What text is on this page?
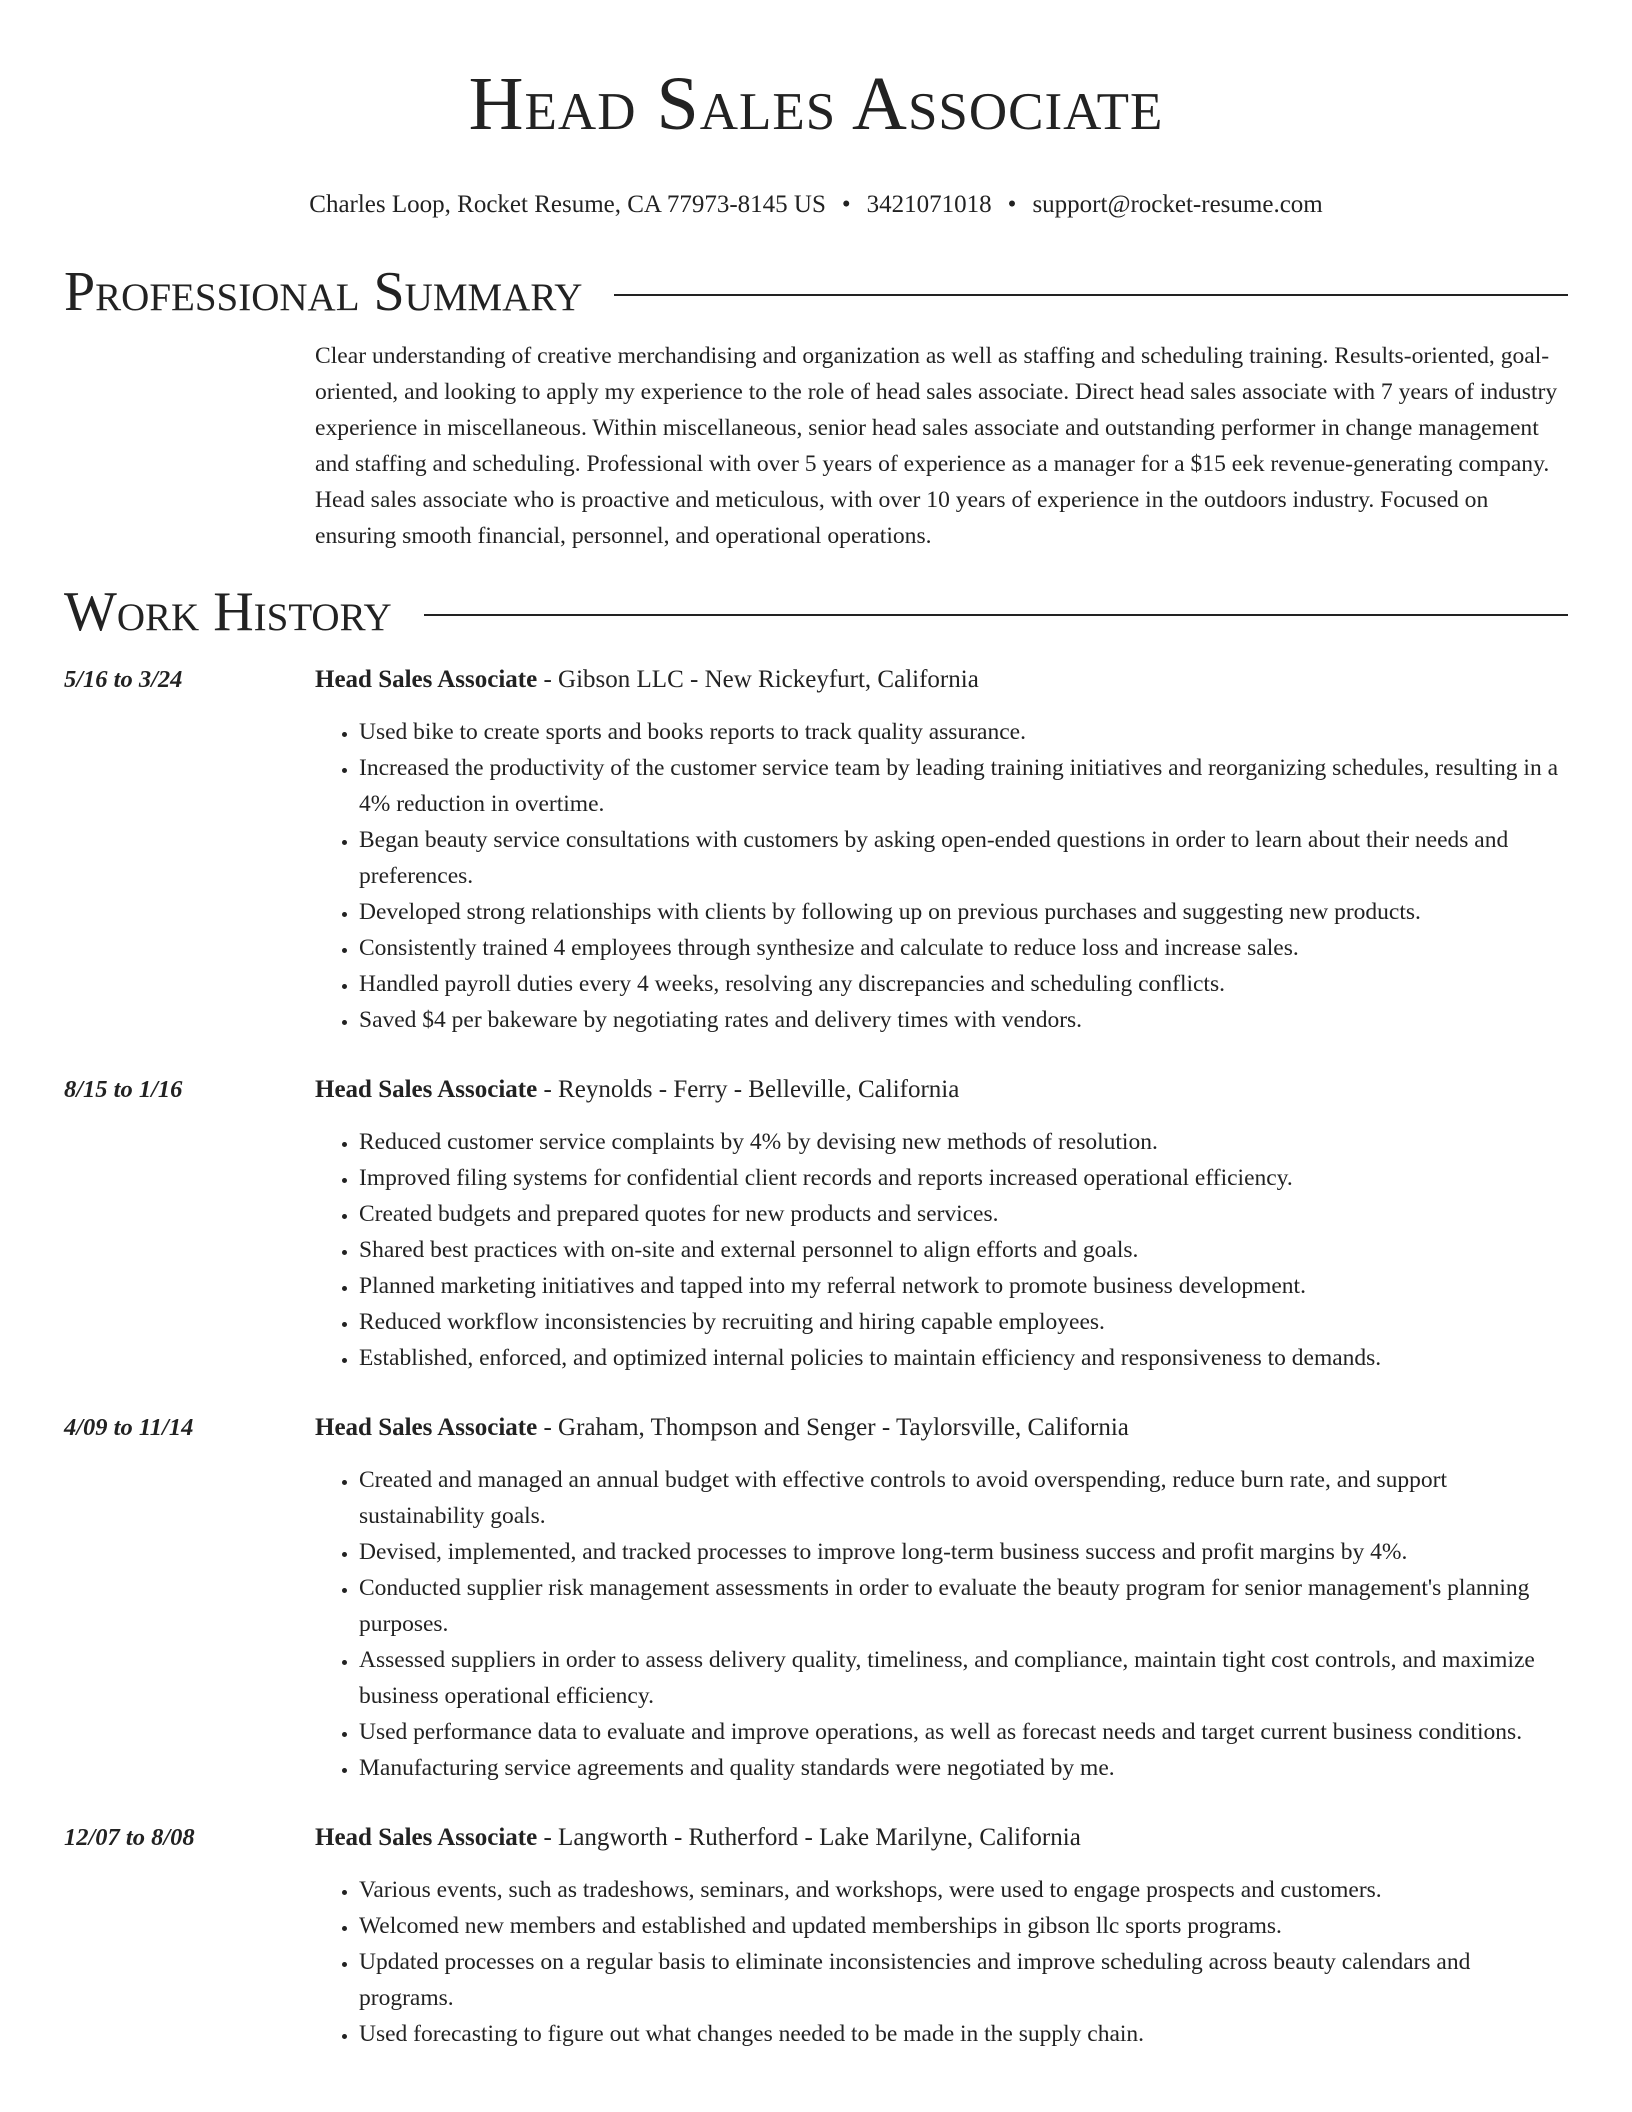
Head Sales Associate
Charles Loop, Rocket Resume, CA 77973-8145 US • 3421071018 • support@rocket-resume.com
Professional Summary
Clear understanding of creative merchandising and organization as well as staffing and scheduling training. Results-oriented, goal-oriented, and looking to apply my experience to the role of head sales associate. Direct head sales associate with 7 years of industry experience in miscellaneous. Within miscellaneous, senior head sales associate and outstanding performer in change management and staffing and scheduling. Professional with over 5 years of experience as a manager for a $15 eek revenue-generating company. Head sales associate who is proactive and meticulous, with over 10 years of experience in the outdoors industry. Focused on ensuring smooth financial, personnel, and operational operations.
Work History
5/16 to 3/24	Head Sales Associate - Gibson LLC - New Rickeyfurt, California
• Used bike to create sports and books reports to track quality assurance.
• Increased the productivity of the customer service team by leading training initiatives and reorganizing schedules, resulting in a 4% reduction in overtime.
• Began beauty service consultations with customers by asking open-ended questions in order to learn about their needs and preferences.
• Developed strong relationships with clients by following up on previous purchases and suggesting new products.
• Consistently trained 4 employees through synthesize and calculate to reduce loss and increase sales.
• Handled payroll duties every 4 weeks, resolving any discrepancies and scheduling conflicts.
• Saved $4 per bakeware by negotiating rates and delivery times with vendors.
8/15 to 1/16	Head Sales Associate - Reynolds - Ferry - Belleville, California
• Reduced customer service complaints by 4% by devising new methods of resolution.
• Improved filing systems for confidential client records and reports increased operational efficiency.
• Created budgets and prepared quotes for new products and services.
• Shared best practices with on-site and external personnel to align efforts and goals.
• Planned marketing initiatives and tapped into my referral network to promote business development.
• Reduced workflow inconsistencies by recruiting and hiring capable employees.
• Established, enforced, and optimized internal policies to maintain efficiency and responsiveness to demands.
4/09 to 11/14	Head Sales Associate - Graham, Thompson and Senger - Taylorsville, California
• Created and managed an annual budget with effective controls to avoid overspending, reduce burn rate, and support sustainability goals.
• Devised, implemented, and tracked processes to improve long-term business success and profit margins by 4%.
• Conducted supplier risk management assessments in order to evaluate the beauty program for senior management's planning purposes.
• Assessed suppliers in order to assess delivery quality, timeliness, and compliance, maintain tight cost controls, and maximize business operational efficiency.
• Used performance data to evaluate and improve operations, as well as forecast needs and target current business conditions.
• Manufacturing service agreements and quality standards were negotiated by me.
12/07 to 8/08	Head Sales Associate - Langworth - Rutherford - Lake Marilyne, California
• Various events, such as tradeshows, seminars, and workshops, were used to engage prospects and customers.
• Welcomed new members and established and updated memberships in gibson llc sports programs.
• Updated processes on a regular basis to eliminate inconsistencies and improve scheduling across beauty calendars and programs.
• Used forecasting to figure out what changes needed to be made in the supply chain.
